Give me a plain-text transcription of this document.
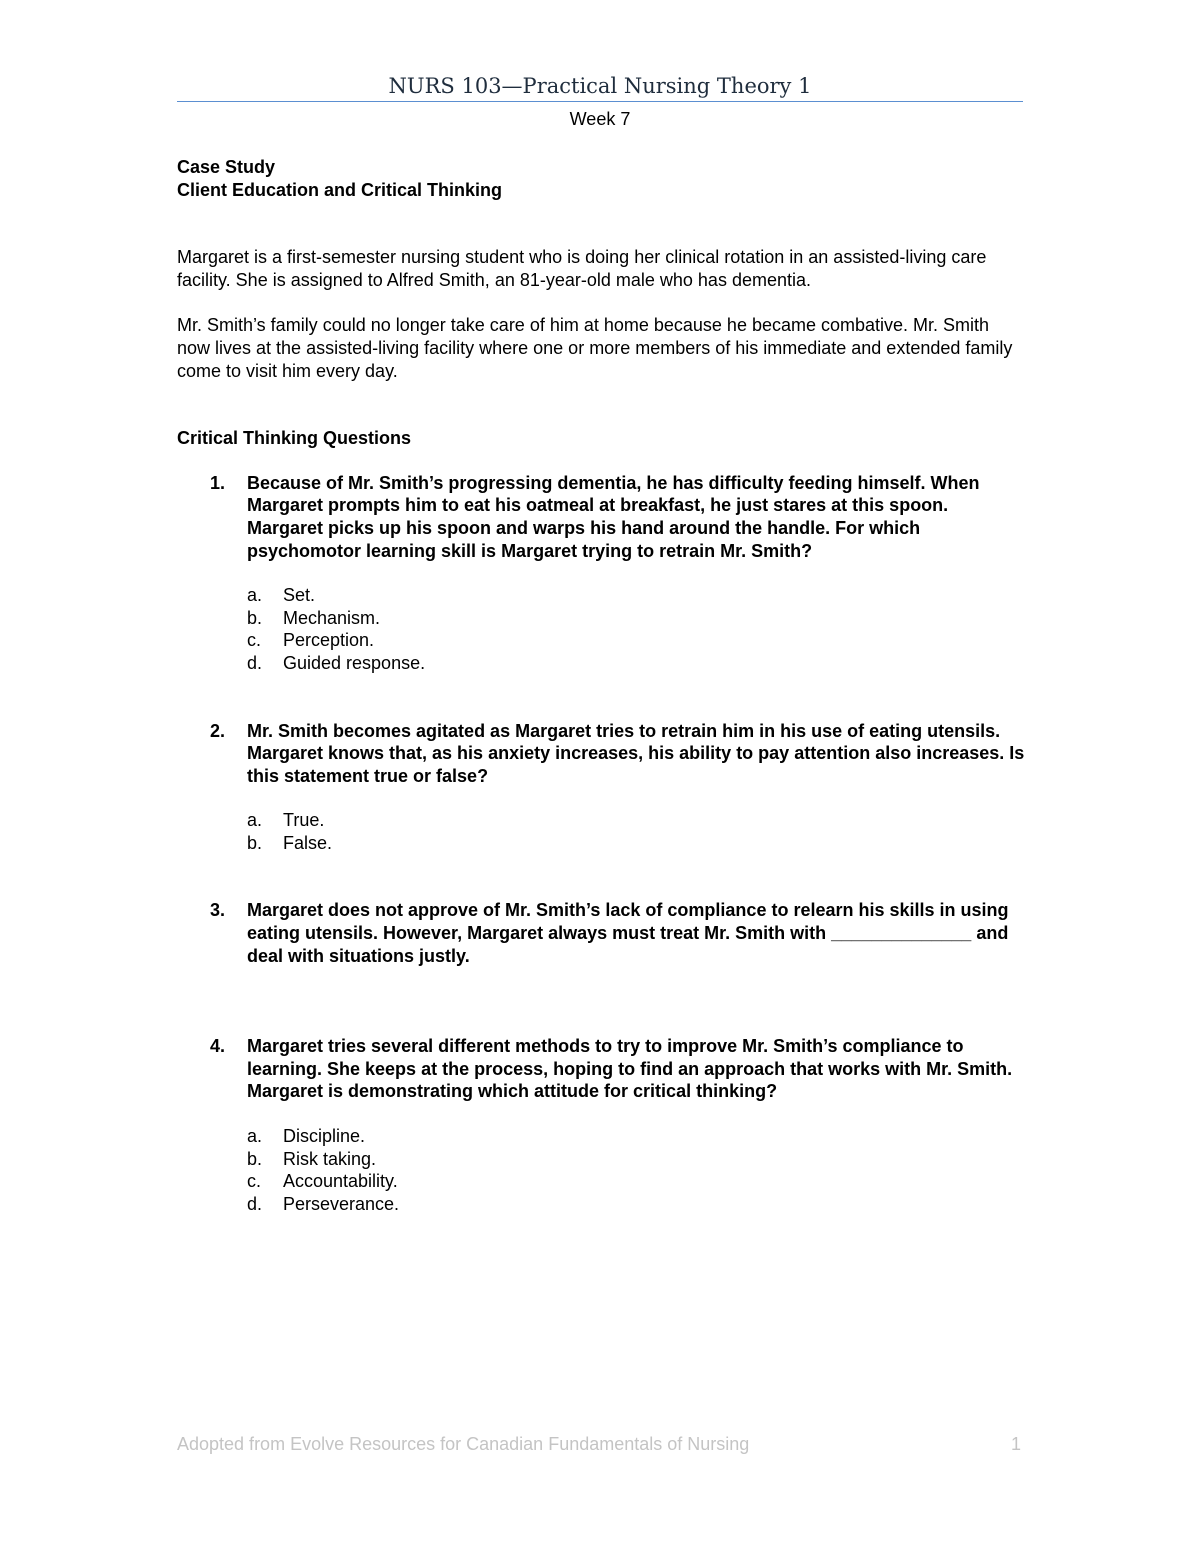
NURS 103—Practical Nursing Theory 1
Week 7

Case Study

Client Education and Critical Thinking

Margaret is a first-semester nursing student who is doing her clinical rotation in an assisted-living care facility. She is assigned to Alfred Smith, an 81-year-old male who has dementia.

Mr. Smith’s family could no longer take care of him at home because he became combative. Mr. Smith now lives at the assisted-living facility where one or more members of his immediate and extended family come to visit him every day.

Critical Thinking Questions

1. Because of Mr. Smith’s progressing dementia, he has difficulty feeding himself. When Margaret prompts him to eat his oatmeal at breakfast, he just stares at this spoon. Margaret picks up his spoon and warps his hand around the handle. For which psychomotor learning skill is Margaret trying to retrain Mr. Smith?

a. Set.
b. Mechanism.
c. Perception.
d. Guided response.

2. Mr. Smith becomes agitated as Margaret tries to retrain him in his use of eating utensils. Margaret knows that, as his anxiety increases, his ability to pay attention also increases. Is this statement true or false?

a. True.
b. False.

3. Margaret does not approve of Mr. Smith’s lack of compliance to relearn his skills in using eating utensils. However, Margaret always must treat Mr. Smith with ______________ and deal with situations justly.

4. Margaret tries several different methods to try to improve Mr. Smith’s compliance to learning. She keeps at the process, hoping to find an approach that works with Mr. Smith. Margaret is demonstrating which attitude for critical thinking?

a. Discipline.
b. Risk taking.
c. Accountability.
d. Perseverance.
Adopted from Evolve Resources for Canadian Fundamentals of Nursing	1
